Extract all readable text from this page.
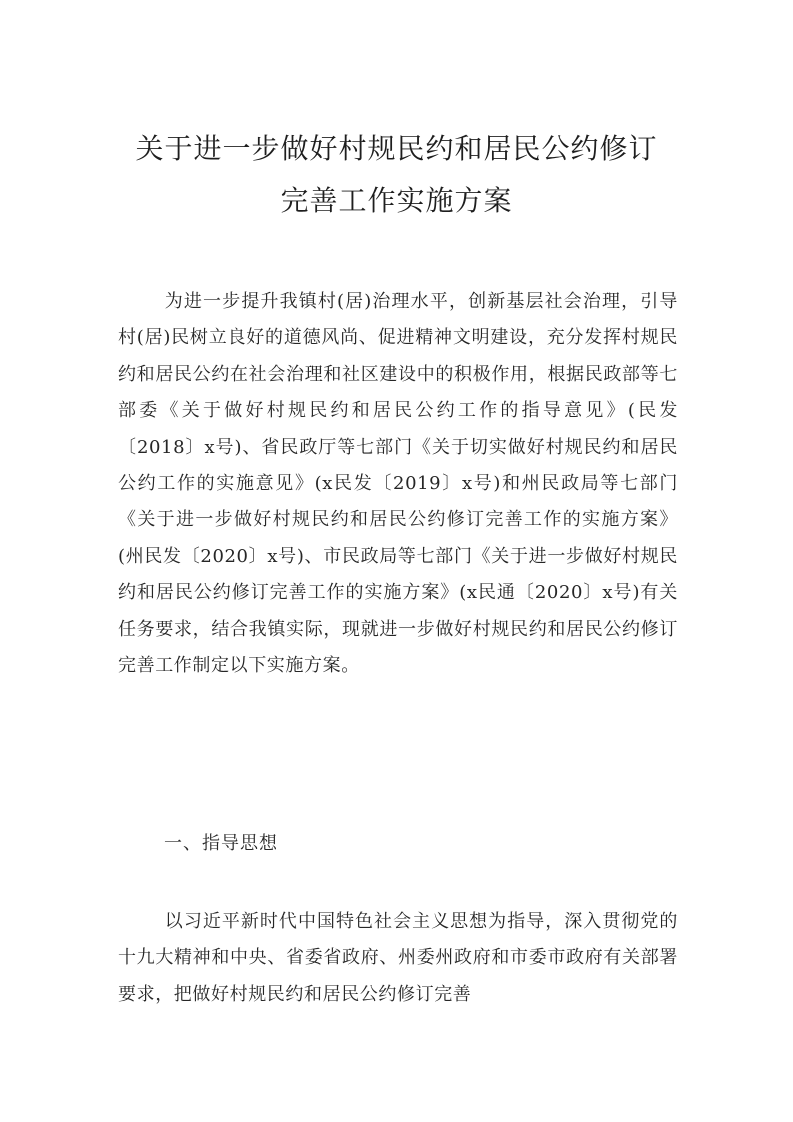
关于进一步做好村规民约和居民公约修订
完善工作实施方案
为进一步提升我镇村(居)治理水平，创新基层社会治理，引导村(居)民树立良好的道德风尚、促进精神文明建设，充分发挥村规民约和居民公约在社会治理和社区建设中的积极作用，根据民政部等七部委《关于做好村规民约和居民公约工作的指导意见》(民发〔2018〕x号)、省民政厅等七部门《关于切实做好村规民约和居民公约工作的实施意见》(x民发〔2019〕x号)和州民政局等七部门《关于进一步做好村规民约和居民公约修订完善工作的实施方案》(州民发〔2020〕x号)、市民政局等七部门《关于进一步做好村规民约和居民公约修订完善工作的实施方案》(x民通〔2020〕x号)有关任务要求，结合我镇实际，现就进一步做好村规民约和居民公约修订完善工作制定以下实施方案。
一、指导思想
以习近平新时代中国特色社会主义思想为指导，深入贯彻党的十九大精神和中央、省委省政府、州委州政府和市委市政府有关部署要求，把做好村规民约和居民公约修订完善
